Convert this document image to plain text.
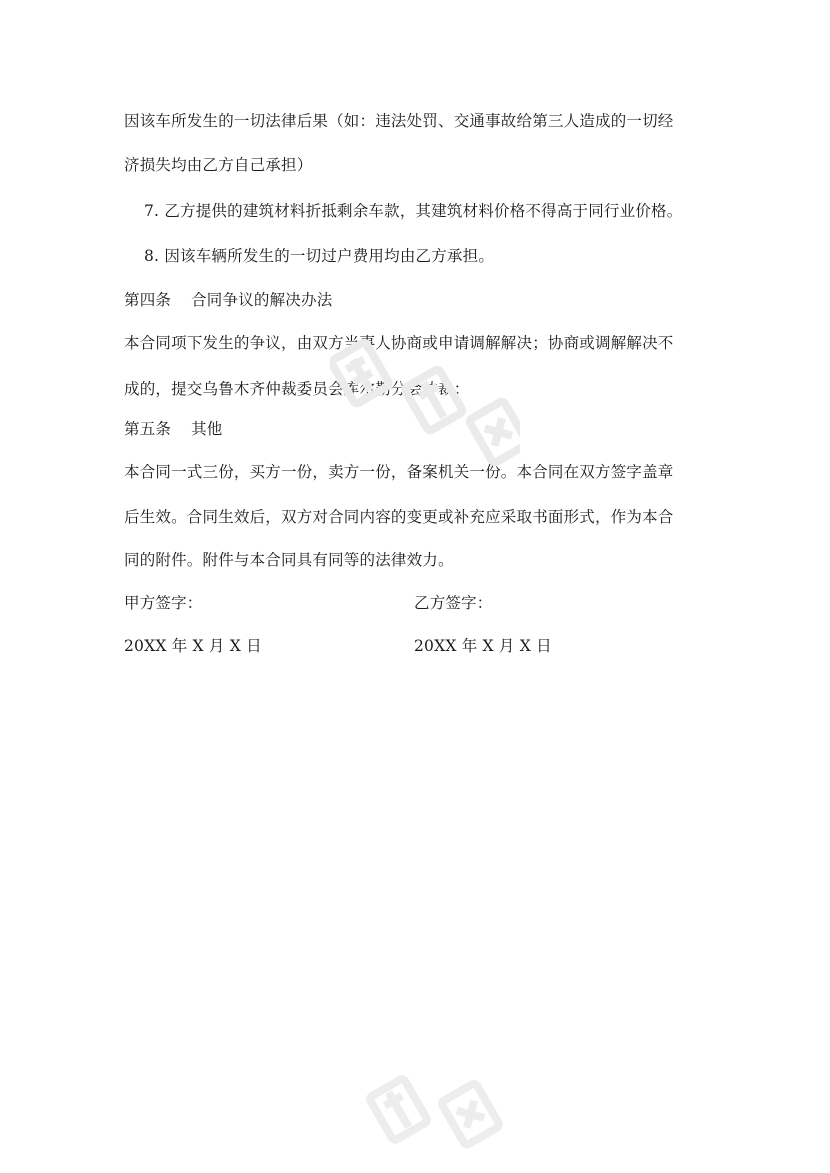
因该车所发生的一切法律后果（如：违法处罚、交通事故给第三人造成的一切经
济损失均由乙方自己承担）
7. 乙方提供的建筑材料折抵剩余车款，其建筑材料价格不得高于同行业价格。
8. 因该车辆所发生的一切过户费用均由乙方承担。
第四条 合同争议的解决办法
本合同项下发生的争议，由双方当事人协商或申请调解解决；协商或调解解决不
成的，提交乌鲁木齐仲裁委员会库尔勒分会仲裁；
第五条 其他
本合同一式三份，买方一份，卖方一份，备案机关一份。本合同在双方签字盖章
后生效。合同生效后，双方对合同内容的变更或补充应采取书面形式，作为本合
同的附件。附件与本合同具有同等的法律效力。
甲方签字：	乙方签字：
20XX 年 X 月 X 日	20XX 年 X 月 X 日
